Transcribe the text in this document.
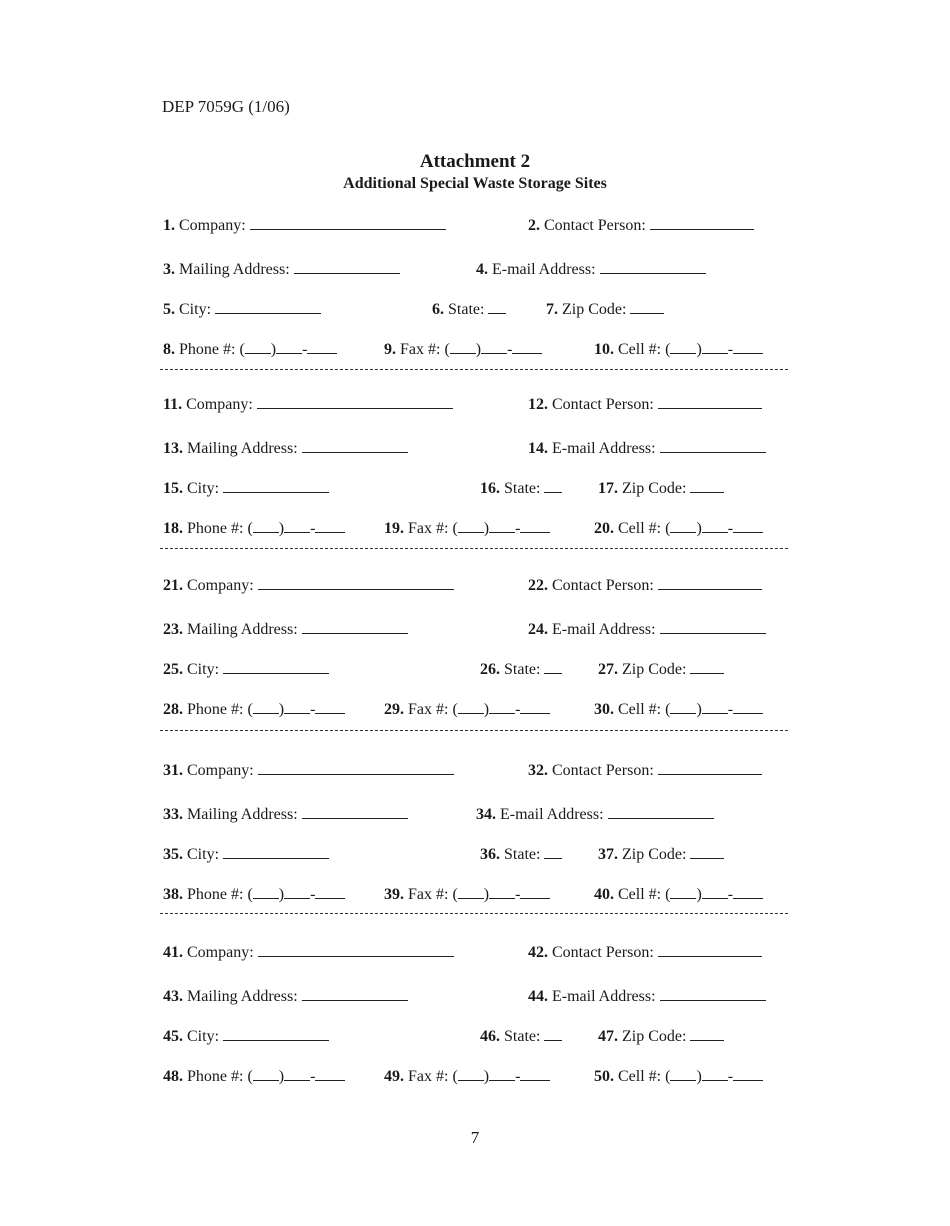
DEP 7059G (1/06)
Attachment 2
Additional Special Waste Storage Sites
1. Company:	2. Contact Person:
3. Mailing Address:	4. E-mail Address:
5. City:	6. State:	7. Zip Code:
8. Phone #: ( ) -	9. Fax #: ( ) -	10. Cell #: ( ) -
11. Company:	12. Contact Person:
13. Mailing Address:	14. E-mail Address:
15. City:	16. State:	17. Zip Code:
18. Phone #: ( ) -	19. Fax #: ( ) -	20. Cell #: ( ) -
21. Company:	22. Contact Person:
23. Mailing Address:	24. E-mail Address:
25. City:	26. State:	27. Zip Code:
28. Phone #: ( ) -	29. Fax #: ( ) -	30. Cell #: ( ) -
31. Company:	32. Contact Person:
33. Mailing Address:	34. E-mail Address:
35. City:	36. State:	37. Zip Code:
38. Phone #: ( ) -	39. Fax #: ( ) -	40. Cell #: ( ) -
41. Company:	42. Contact Person:
43. Mailing Address:	44. E-mail Address:
45. City:	46. State:	47. Zip Code:
48. Phone #: ( ) -	49. Fax #: ( ) -	50. Cell #: ( ) -
7
